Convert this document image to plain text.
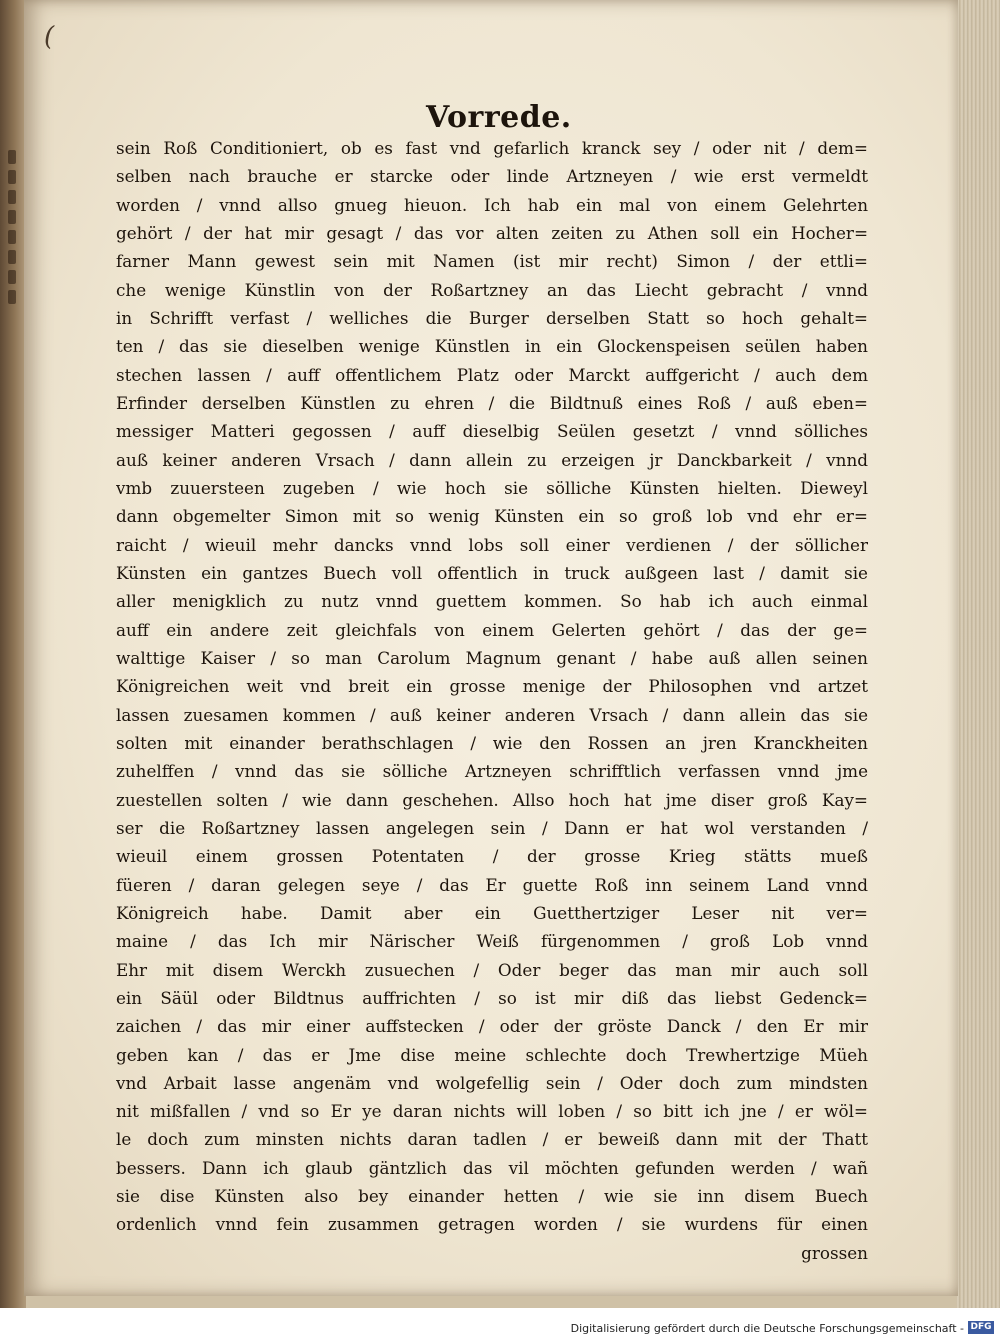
(
Vorrede.
sein Roß Conditioniert, ob es fast vnd gefarlich kranck sey / oder nit / dem=
selben nach brauche er starcke oder linde Artzneyen / wie erst vermeldt
worden / vnnd allso gnueg hieuon. Ich hab ein mal von einem Gelehrten
gehört / der hat mir gesagt / das vor alten zeiten zu Athen soll ein Hocher=
farner Mann gewest sein mit Namen (ist mir recht) Simon / der ettli=
che wenige Künstlin von der Roßartzney an das Liecht gebracht / vnnd
in Schrifft verfast / welliches die Burger derselben Statt so hoch gehalt=
ten / das sie dieselben wenige Künstlen in ein Glockenspeisen seülen haben
stechen lassen / auff offentlichem Platz oder Marckt auffgericht / auch dem
Erfinder derselben Künstlen zu ehren / die Bildtnuß eines Roß / auß eben=
messiger Matteri gegossen / auff dieselbig Seülen gesetzt / vnnd sölliches
auß keiner anderen Vrsach / dann allein zu erzeigen jr Danckbarkeit / vnnd
vmb zuuersteen zugeben / wie hoch sie sölliche Künsten hielten. Dieweyl
dann obgemelter Simon mit so wenig Künsten ein so groß lob vnd ehr er=
raicht / wieuil mehr dancks vnnd lobs soll einer verdienen / der söllicher
Künsten ein gantzes Buech voll offentlich in truck außgeen last / damit sie
aller menigklich zu nutz vnnd guettem kommen. So hab ich auch einmal
auff ein andere zeit gleichfals von einem Gelerten gehört / das der ge=
walttige Kaiser / so man Carolum Magnum genant / habe auß allen seinen
Königreichen weit vnd breit ein grosse menige der Philosophen vnd artzet
lassen zuesamen kommen / auß keiner anderen Vrsach / dann allein das sie
solten mit einander berathschlagen / wie den Rossen an jren Kranckheiten
zuhelffen / vnnd das sie sölliche Artzneyen schrifftlich verfassen vnnd jme
zuestellen solten / wie dann geschehen. Allso hoch hat jme diser groß Kay=
ser die Roßartzney lassen angelegen sein / Dann er hat wol verstanden /
wieuil einem grossen Potentaten / der grosse Krieg stätts mueß
füeren / daran gelegen seye / das Er guette Roß inn seinem Land vnnd
Königreich habe. Damit aber ein Guetthertziger Leser nit ver=
maine / das Ich mir Närischer Weiß fürgenommen / groß Lob vnnd
Ehr mit disem Werckh zusuechen / Oder beger das man mir auch soll
ein Säül oder Bildtnus auffrichten / so ist mir diß das liebst Gedenck=
zaichen / das mir einer auffstecken / oder der gröste Danck / den Er mir
geben kan / das er Jme dise meine schlechte doch Trewhertzige Müeh
vnd Arbait lasse angenäm vnd wolgefellig sein / Oder doch zum mindsten
nit mißfallen / vnd so Er ye daran nichts will loben / so bitt ich jne / er wöl=
le doch zum minsten nichts daran tadlen / er beweiß dann mit der Thatt
bessers. Dann ich glaub gäntzlich das vil möchten gefunden werden / wañ
sie dise Künsten also bey einander hetten / wie sie inn disem Buech
ordenlich vnnd fein zusammen getragen worden / sie wurdens für einen
grossen
Digitalisierung gefördert durch die Deutsche Forschungsgemeinschaft - DFG
